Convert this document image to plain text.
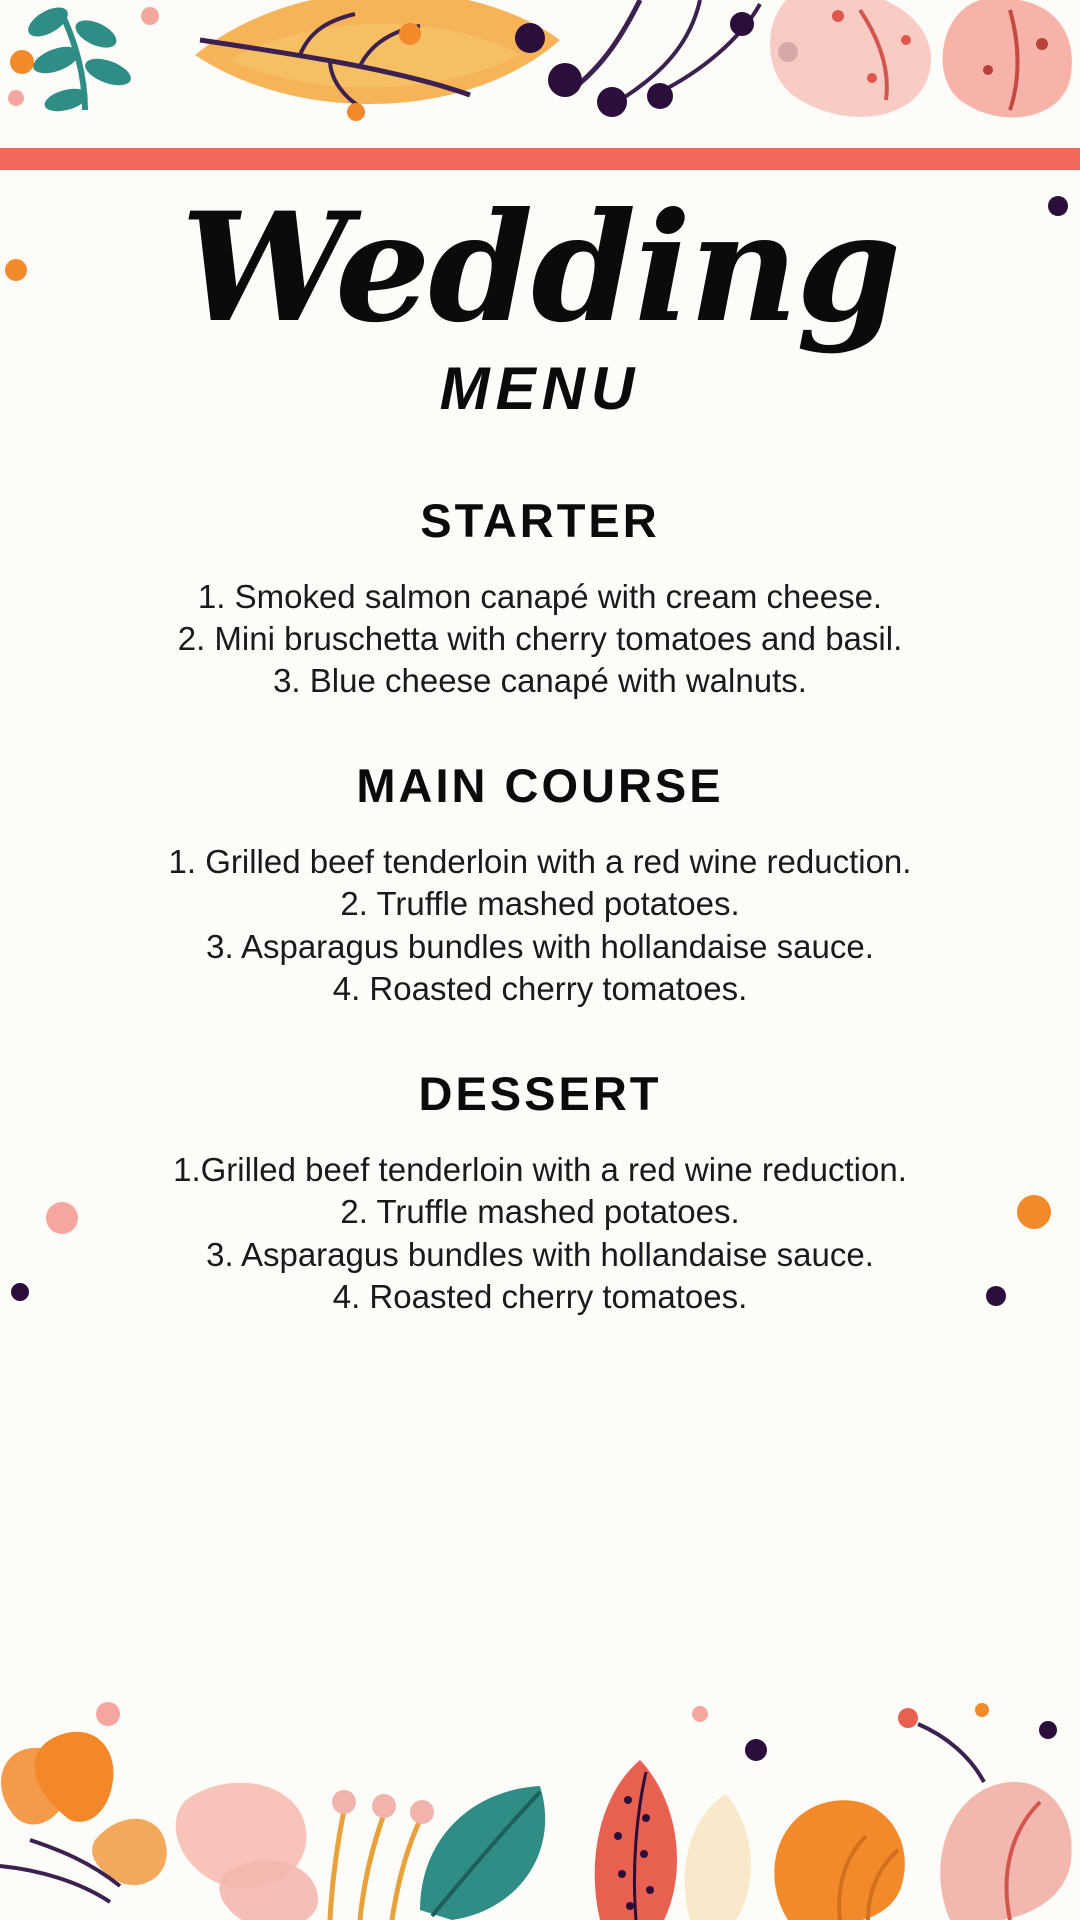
Wedding
MENU
STARTER
1. Smoked salmon canapé with cream cheese.
2. Mini bruschetta with cherry tomatoes and basil.
3. Blue cheese canapé with walnuts.
MAIN COURSE
1. Grilled beef tenderloin with a red wine reduction.
2. Truffle mashed potatoes.
3. Asparagus bundles with hollandaise sauce.
4. Roasted cherry tomatoes.
DESSERT
1.Grilled beef tenderloin with a red wine reduction.
2. Truffle mashed potatoes.
3. Asparagus bundles with hollandaise sauce.
4. Roasted cherry tomatoes.
